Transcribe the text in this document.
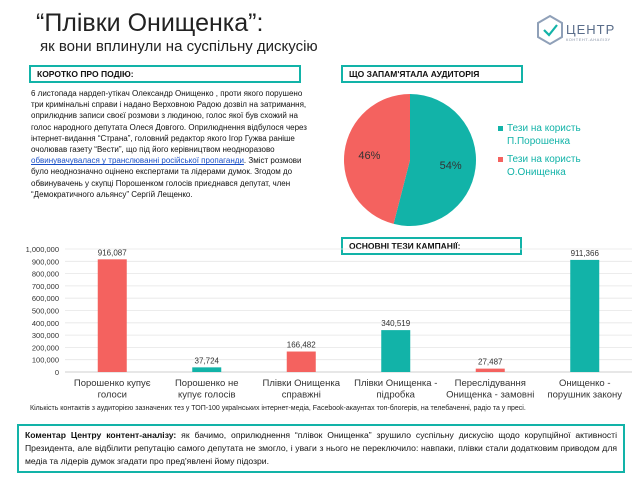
“Плівки Онищенка”:
як вони вплинули на суспільну дискусію
ЦЕНТР
КОНТЕНТ-АНАЛІЗУ
КОРОТКО ПРО ПОДІЮ:	ЩО ЗАПАМ'ЯТАЛА АУДИТОРІЯ
ОСНОВНІ ТЕЗИ КАМПАНІЇ:
6 листопада нардеп-утікач Олександр Онищенко , проти якого порушено три кримінальні справи і надано Верховною Радою дозвіл на затримання, оприлюднив записи своєї розмови з людиною, голос якої був схожий на голос народного депутата Олеся Довгого. Оприлюднення відбулося через інтернет-видання “Страна”, головний редактор якого Ігор Гужва раніше очолював газету “Вести”, що під його керівництвом неодноразово обвинувачувалася у транслюванні російської пропаганди. Зміст розмови було неоднозначно оцінено експертами та лідерами думок. Згодом до обвинувачень у скупці Порошенком голосів приєднався депутат, член “Демократичного альянсу” Сергій Лещенко.
54%
46%
Тези на користь П.Порошенка
Тези на користь О.Онищенка
0
100,000
200,000
300,000
400,000
500,000
600,000
700,000
800,000
900,000
1,000,000	916,087
Порошенко купує голоси
37,724
Порошенко не купує голосів
166,482
Плівки Онищенка справжні
340,519
Плівки Онищенка -підробка
27,487
Переслідування Онищенка - замовні
911,366
Онищенко -порушник закону
Кількість контактів з аудиторією зазначених тез у ТОП-100 українських інтернет-медіа, Facebook-акаунтах топ-блогерів, на телебаченні, радіо та у пресі.
Коментар Центру контент-аналізу: як бачимо, оприлюднення “плівок Онищенка” зрушило суспільну дискусію щодо корупційної активності Президента, але відбілити репутацію самого депутата не змогло, і уваги з нього не переключило: навпаки, плівки стали додатковим приводом для медіа та лідерів думок згадати про пред'явлені йому підозри.
